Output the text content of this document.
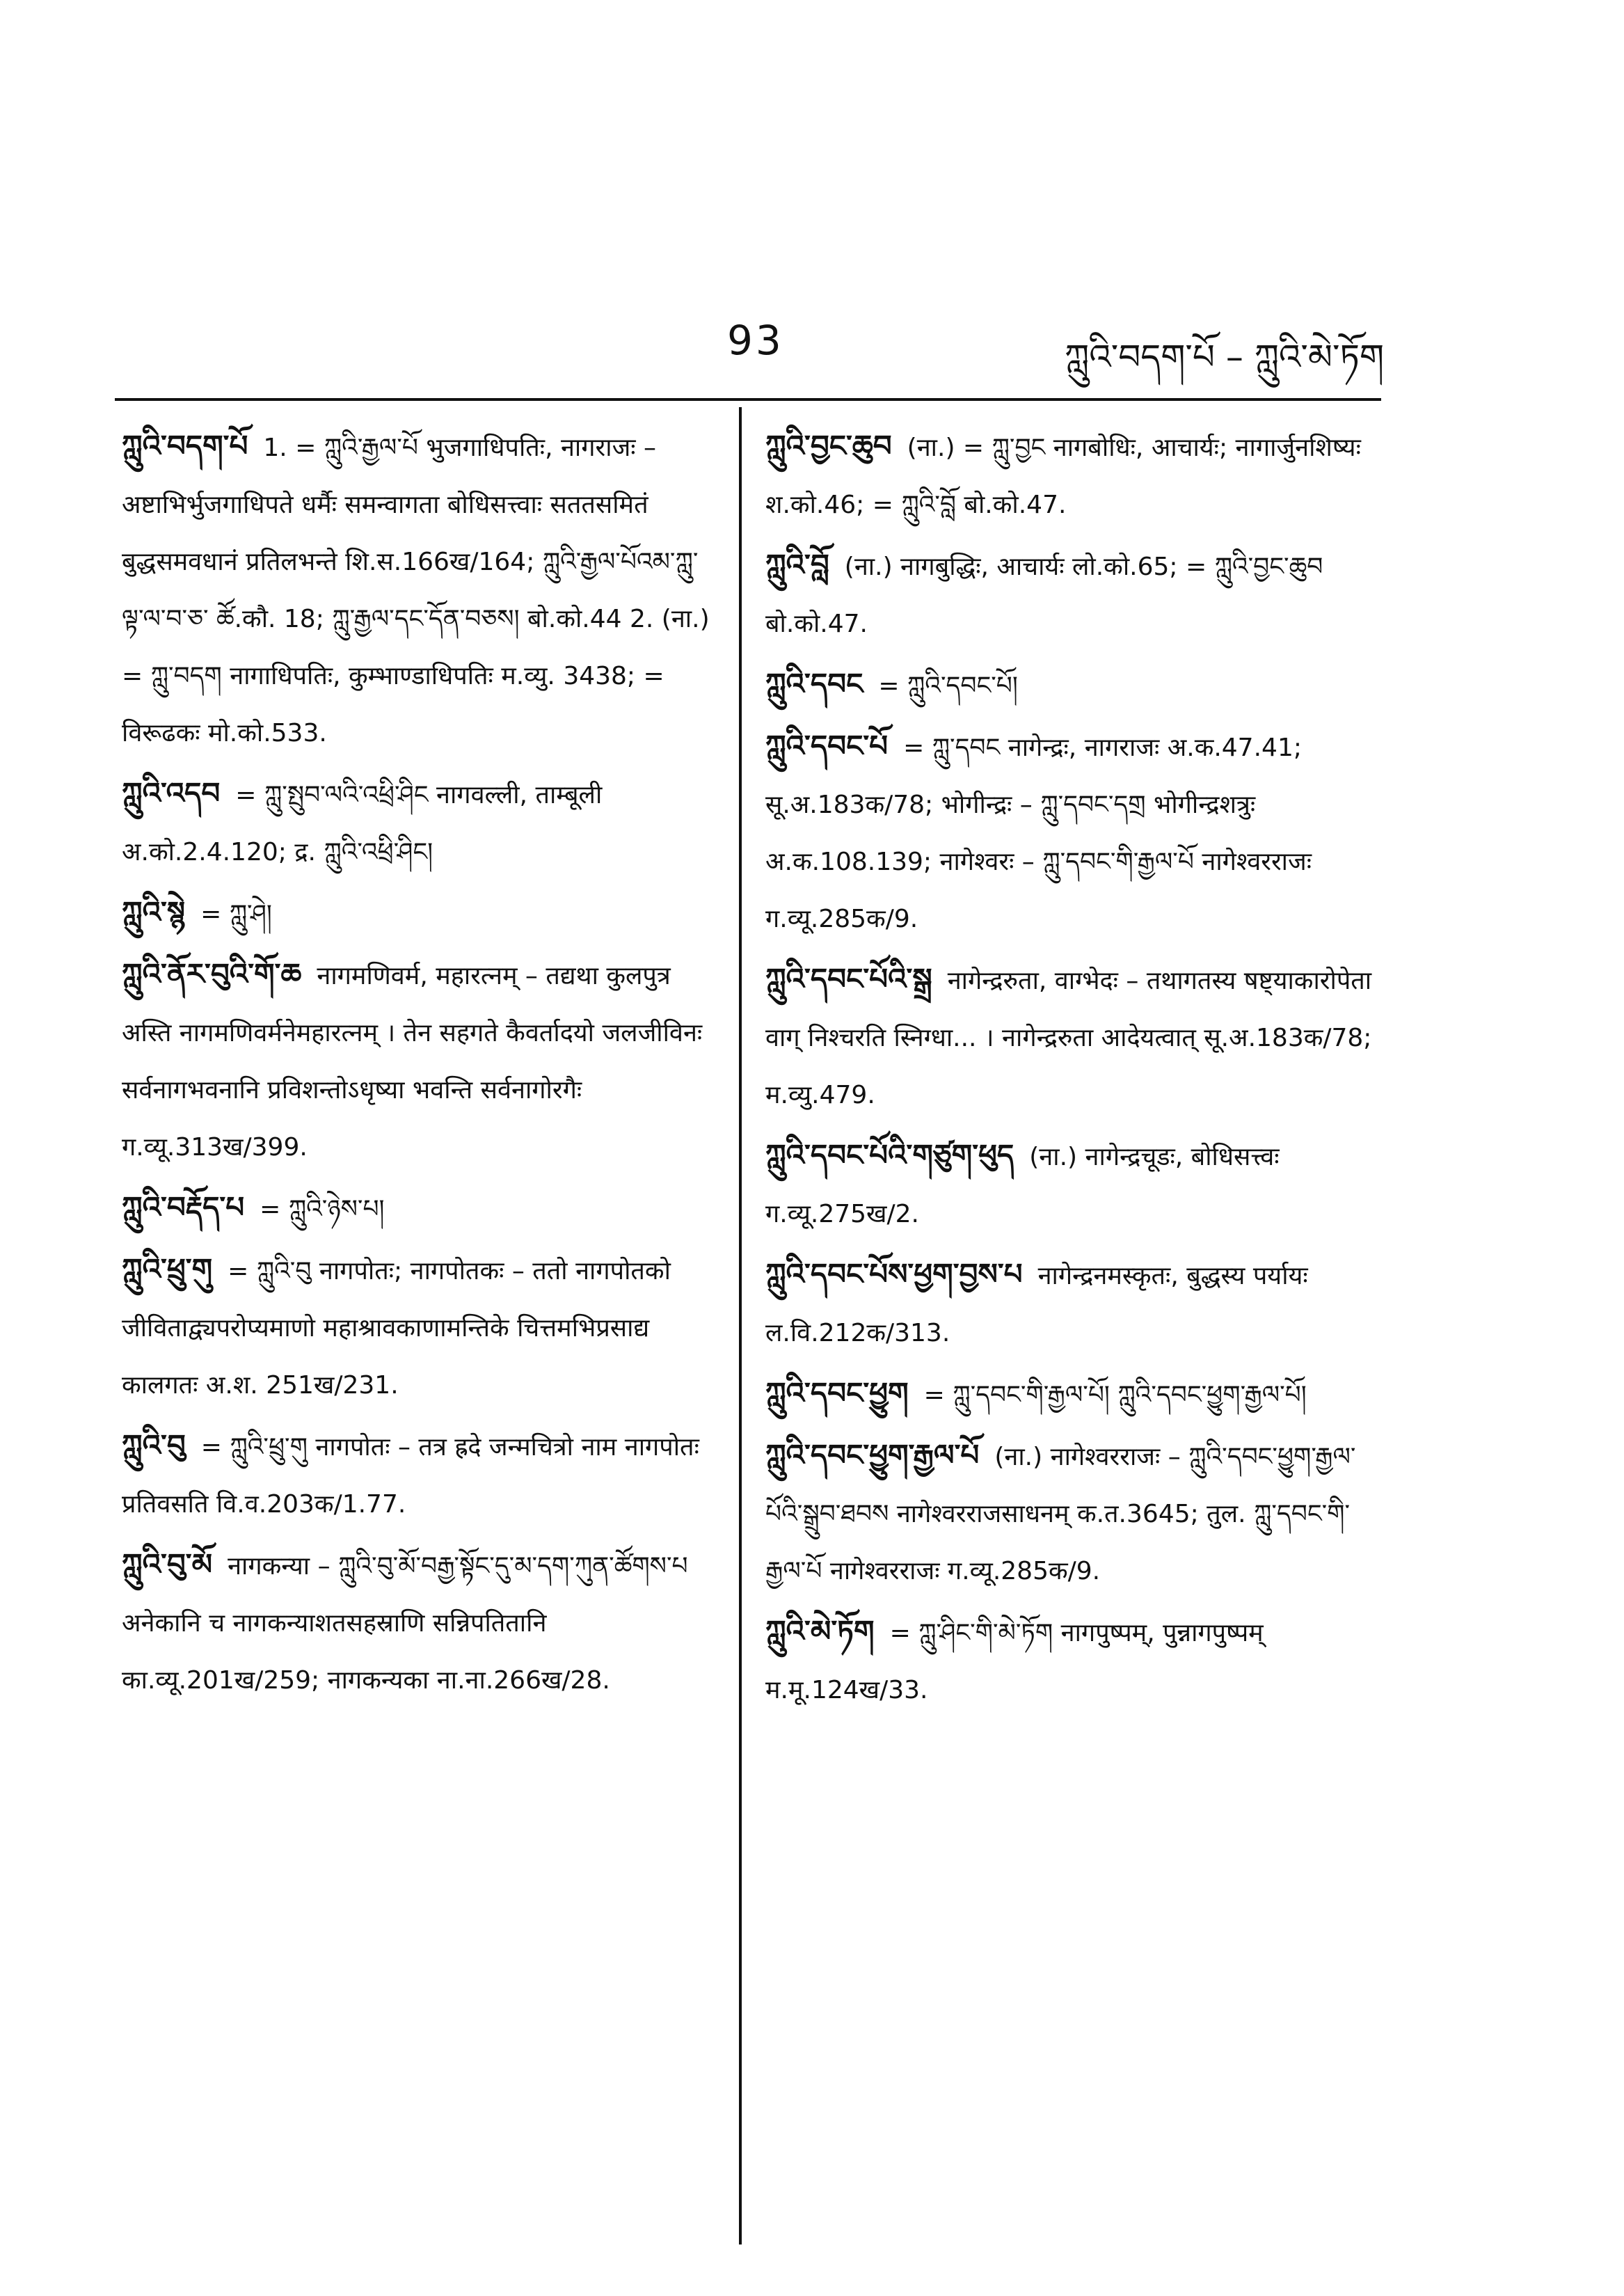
93	ཀླུའི་བདག་པོ – ཀླུའི་མེ་ཏོག
ཀླུའི་བདག་པོ 1. = ཀླུའི་རྒྱལ་པོ भुजगाधिपतिः, नागराजः – अष्टाभिर्भुजगाधिपते धर्मैः समन्वागता बोधिसत्त्वाः सततसमितं बुद्धसमवधानं प्रतिलभन्ते शि.स.166ख/164; ཀླུའི་རྒྱལ་པོའམ་ཀླུ་ལྟ་ལ་བ་ཅ་ ཚོ.कौ. 18; ཀླུ་རྒྱལ་དང་དོན་བཅས། बो.को.44 2. (ना.) = ཀླུ་བདག नागाधिपतिः, कुम्भाण्डाधिपतिः म.व्यु. 3438; = विरूढकः मो.को.533.
ཀླུའི་འདབ = ཀླུ་སྤུབ་ལའི་འཕྲི་ཤིང नागवल्ली, ताम्बूली अ.को.2.4.120; द्र. ཀླུའི་འཕྲི་ཤིང།
ཀླུའི་སྙེ = ཀླུ་ཤེ།
ཀླུའི་ནོར་བུའི་གོ་ཆ नागमणिवर्म, महारत्नम् – तद्यथा कुलपुत्र अस्ति नागमणिवर्मनेमहारत्नम् । तेन सहगते कैवर्तादयो जलजीविनः सर्वनागभवनानि प्रविशन्तोऽधृष्या भवन्ति सर्वनागोरगैः ग.व्यू.313ख/399.
ཀླུའི་བརྡོད་པ = ཀླུའི་ཉེས་པ།
ཀླུའི་ཕྲུ་གུ = ཀླུའི་བུ नागपोतः; नागपोतकः – ततो नागपोतको जीविताद्व्यपरोप्यमाणो महाश्रावकाणामन्तिके चित्तमभिप्रसाद्य कालगतः अ.श. 251ख/231.
ཀླུའི་བུ = ཀླུའི་ཕྲུ་གུ नागपोतः – तत्र ह्रदे जन्मचित्रो नाम नागपोतः प्रतिवसति वि.व.203क/1.77.
ཀླུའི་བུ་མོ नागकन्या – ཀླུའི་བུ་མོ་བརྒྱ་སྟོང་དུ་མ་དག་ཀུན་ཚོགས་པ अनेकानि च नागकन्याशतसहस्राणि सन्निपतितानि का.व्यू.201ख/259; नागकन्यका ना.ना.266ख/28.
ཀླུའི་བྱང་ཆུབ (ना.) = ཀླུ་བྱང नागबोधिः, आचार्यः; नागार्जुनशिष्यः श.को.46; = ཀླུའི་བློ बो.को.47.
ཀླུའི་བློ (ना.) नागबुद्धिः, आचार्यः लो.को.65; = ཀླུའི་བྱང་ཆུབ बो.को.47.
ཀླུའི་དབང = ཀླུའི་དབང་པོ།
ཀླུའི་དབང་པོ = ཀླུ་དབང नागेन्द्रः, नागराजः अ.क.47.41; सू.अ.183क/78; भोगीन्द्रः – ཀླུ་དབང་དགྲ भोगीन्द्रशत्रुः अ.क.108.139; नागेश्वरः – ཀླུ་དབང་གི་རྒྱལ་པོ नागेश्वरराजः ग.व्यू.285क/9.
ཀླུའི་དབང་པོའི་སྒྲ नागेन्द्ररुता, वाग्भेदः – तथागतस्य षष्ट्याकारोपेता वाग् निश्चरति स्निग्धा... । नागेन्द्ररुता आदेयत्वात् सू.अ.183क/78; म.व्यु.479.
ཀླུའི་དབང་པོའི་གཙུག་ཕུད (ना.) नागेन्द्रचूडः, बोधिसत्त्वः ग.व्यू.275ख/2.
ཀླུའི་དབང་པོས་ཕྱག་བྱས་པ नागेन्द्रनमस्कृतः, बुद्धस्य पर्यायः ल.वि.212क/313.
ཀླུའི་དབང་ཕྱུག = ཀླུ་དབང་གི་རྒྱལ་པོ། ཀླུའི་དབང་ཕྱུག་རྒྱལ་པོ།
ཀླུའི་དབང་ཕྱུག་རྒྱལ་པོ (ना.) नागेश्वरराजः – ཀླུའི་དབང་ཕྱུག་རྒྱལ་པོའི་སྒྲུབ་ཐབས नागेश्वरराजसाधनम् क.त.3645; तुल. ཀླུ་དབང་གི་རྒྱལ་པོ नागेश्वरराजः ग.व्यू.285क/9.
ཀླུའི་མེ་ཏོག = ཀླུ་ཤིང་གི་མེ་ཏོག नागपुष्पम्, पुन्नागपुष्पम् म.मू.124ख/33.
